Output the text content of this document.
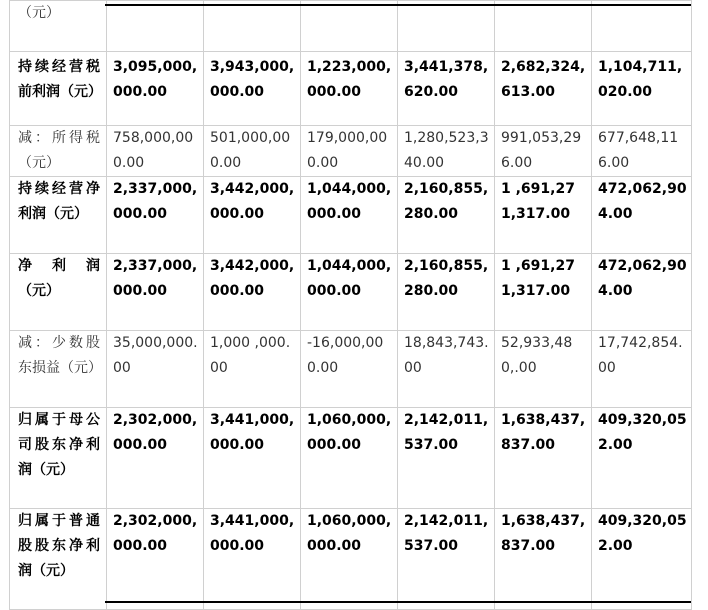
（元）						
持续经营税前利润（元）	3,095,000,000.00	3,943,000,000.00	1,223,000,000.00	3,441,378,620.00	2,682,324,613.00	1,104,711,020.00
减：所得税（元）	758,000,000.00	501,000,000.00	179,000,000.00	1,280,523,340.00	991,053,296.00	677,648,116.00
持续经营净利润（元）	2,337,000,000.00	3,442,000,000.00	1,044,000,000.00	2,160,855,280.00	1 ,691,271,317.00	472,062,904.00
净 利 润（元）	2,337,000,000.00	3,442,000,000.00	1,044,000,000.00	2,160,855,280.00	1 ,691,271,317.00	472,062,904.00
减：少数股东损益（元）	35,000,000.00	1,000 ,000.00	-16,000,000.00	18,843,743.00	52,933,480,.00	17,742,854.00
归属于母公司股东净利润（元）	2,302,000,000.00	3,441,000,000.00	1,060,000,000.00	2,142,011,537.00	1,638,437,837.00	409,320,052.00
归属于普通股股东净利润（元）	2,302,000,000.00	3,441,000,000.00	1,060,000,000.00	2,142,011,537.00	1,638,437,837.00	409,320,052.00
